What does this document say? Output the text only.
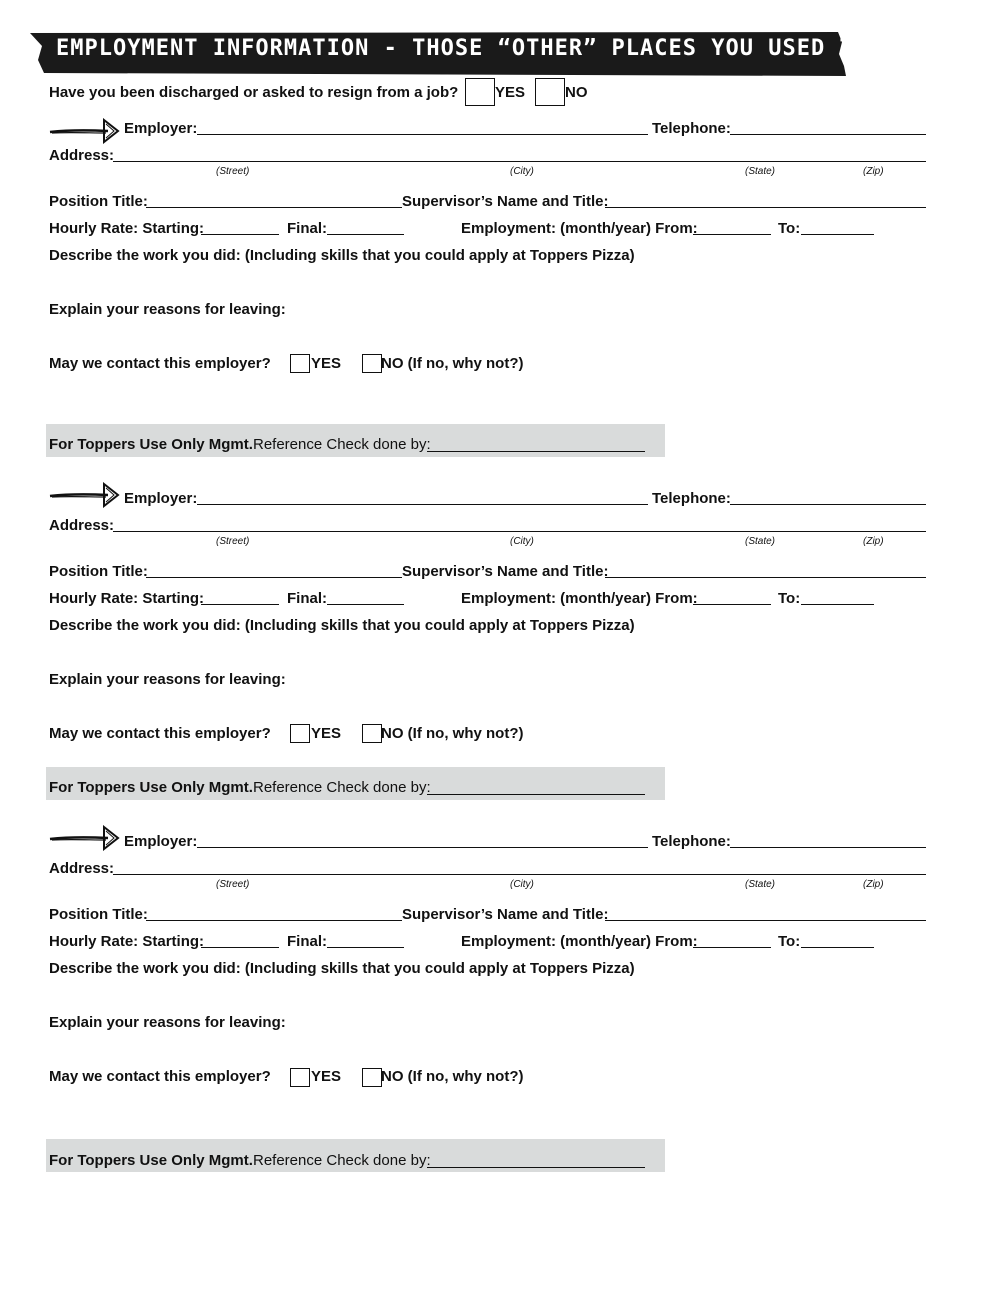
EMPLOYMENT INFORMATION - THOSE “OTHER” PLACES YOU USED TO WORK
Have you been discharged or asked to resign from a job? YES	NO
Employer:	Telephone:
Address:
(Street)	(City)	(State)	(Zip)
Position Title:	Supervisor’s Name and Title:
Hourly Rate: Starting:	Final:	Employment: (month/year) From:	To:
Describe the work you did: (Including skills that you could apply at Toppers Pizza)
Explain your reasons for leaving:
May we contact this employer?	YES	NO (If no, why not?)
For Toppers Use Only Mgmt. Reference Check done by:
Employer:	Telephone:
Address:
(Street)	(City)	(State)	(Zip)
Position Title:	Supervisor’s Name and Title:
Hourly Rate: Starting:	Final:	Employment: (month/year) From:	To:
Describe the work you did: (Including skills that you could apply at Toppers Pizza)
Explain your reasons for leaving:
May we contact this employer?	YES	NO (If no, why not?)
For Toppers Use Only Mgmt. Reference Check done by:
Employer:	Telephone:
Address:
(Street)	(City)	(State)	(Zip)
Position Title:	Supervisor’s Name and Title:
Hourly Rate: Starting:	Final:	Employment: (month/year) From:	To:
Describe the work you did: (Including skills that you could apply at Toppers Pizza)
Explain your reasons for leaving:
May we contact this employer?	YES	NO (If no, why not?)
For Toppers Use Only Mgmt. Reference Check done by:
